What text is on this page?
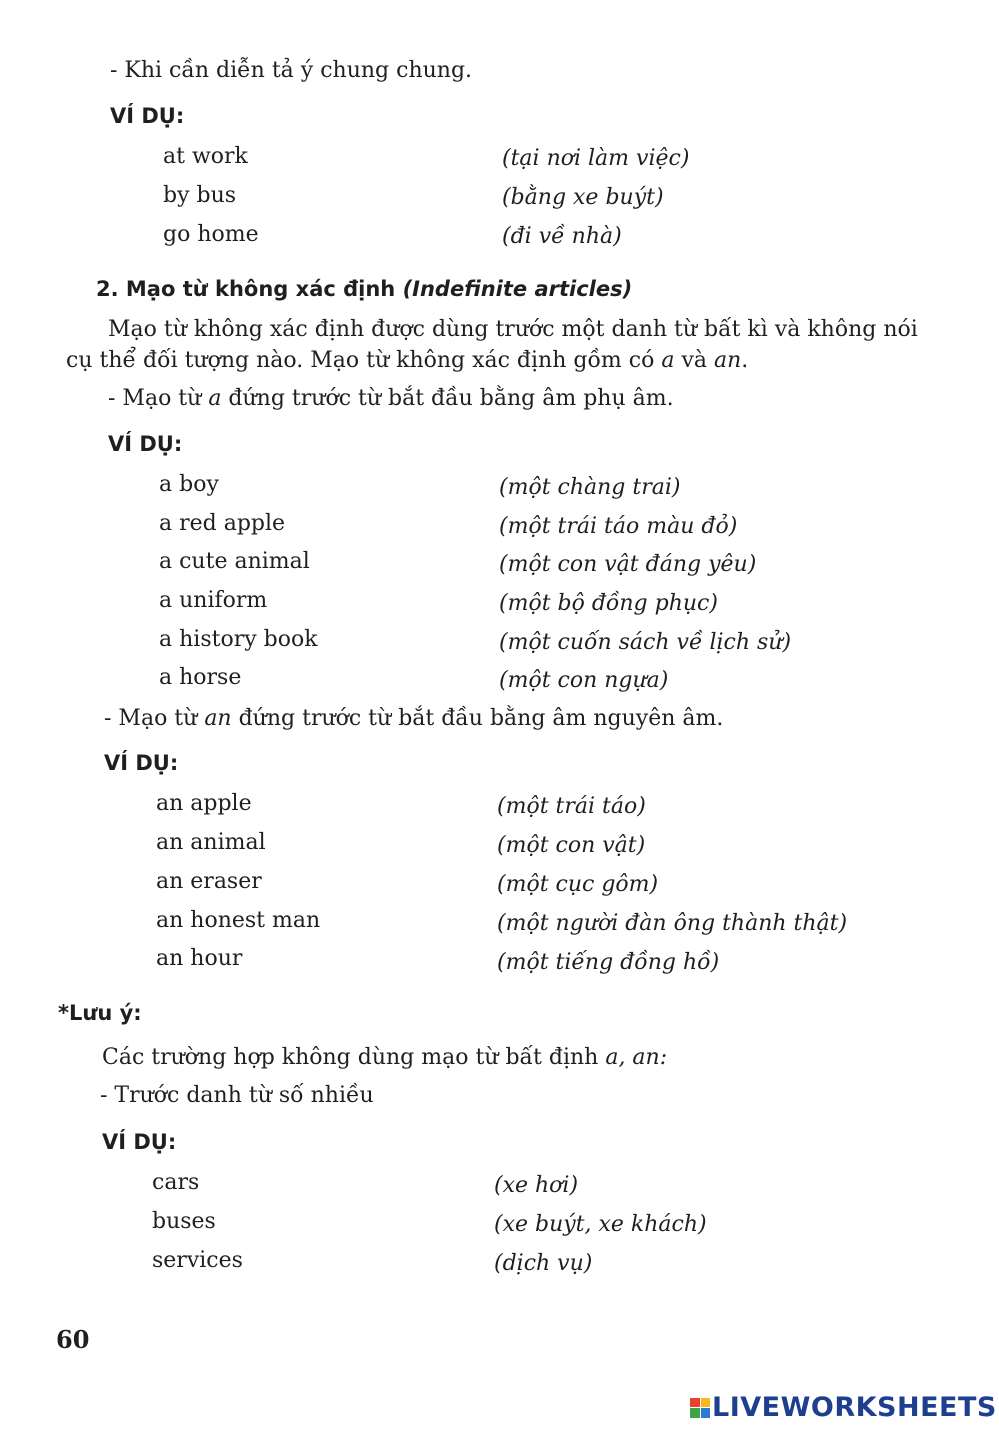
- Khi cần diễn tả ý chung chung.
VÍ DỤ:
at work	(tại nơi làm việc)
by bus	(bằng xe buýt)
go home	(đi về nhà)
2. Mạo từ không xác định (Indefinite articles)
Mạo từ không xác định được dùng trước một danh từ bất kì và không nói cụ thể đối tượng nào. Mạo từ không xác định gồm có a và an.
- Mạo từ a đứng trước từ bắt đầu bằng âm phụ âm.
VÍ DỤ:
a boy	(một chàng trai)
a red apple	(một trái táo màu đỏ)
a cute animal	(một con vật đáng yêu)
a uniform	(một bộ đồng phục)
a history book	(một cuốn sách về lịch sử)
a horse	(một con ngựa)
- Mạo từ an đứng trước từ bắt đầu bằng âm nguyên âm.
VÍ DỤ:
an apple	(một trái táo)
an animal	(một con vật)
an eraser	(một cục gôm)
an honest man	(một người đàn ông thành thật)
an hour	(một tiếng đồng hồ)
*Lưu ý:
Các trường hợp không dùng mạo từ bất định a, an:
- Trước danh từ số nhiều
VÍ DỤ:
cars	(xe hơi)
buses	(xe buýt, xe khách)
services	(dịch vụ)
60
LIVEWORKSHEETS
